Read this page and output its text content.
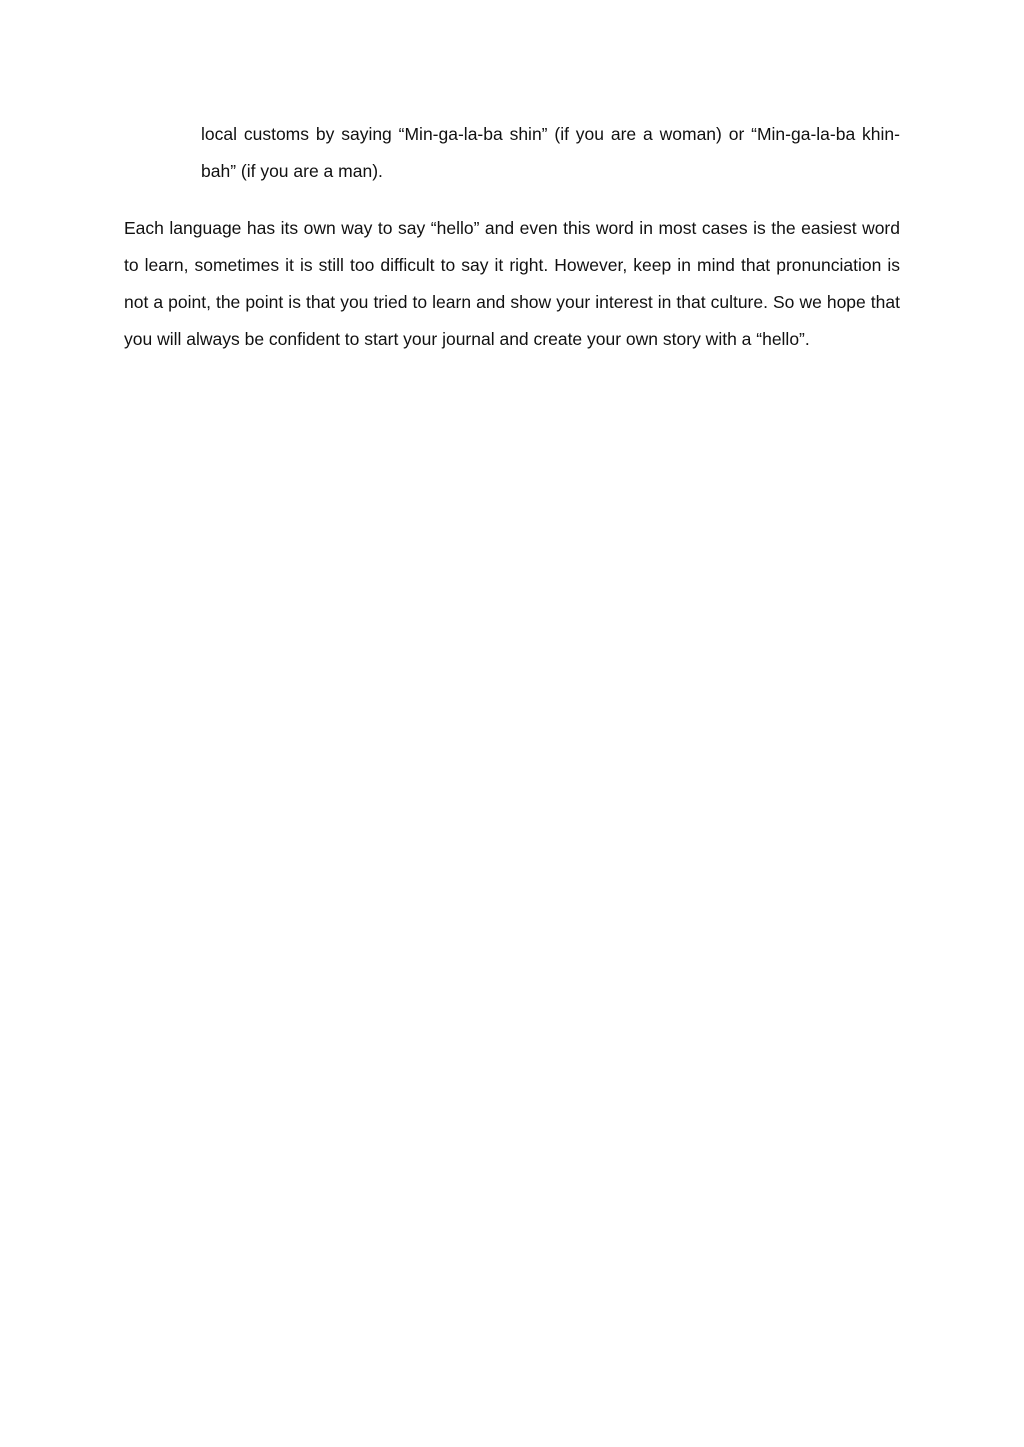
local customs by saying “Min-ga-la-ba shin” (if you are a woman) or “Min-ga-la-ba khin-bah” (if you are a man).

Each language has its own way to say “hello” and even this word in most cases is the easiest word to learn, sometimes it is still too difficult to say it right. However, keep in mind that pronunciation is not a point, the point is that you tried to learn and show your interest in that culture. So we hope that you will always be confident to start your journal and create your own story with a “hello”.
